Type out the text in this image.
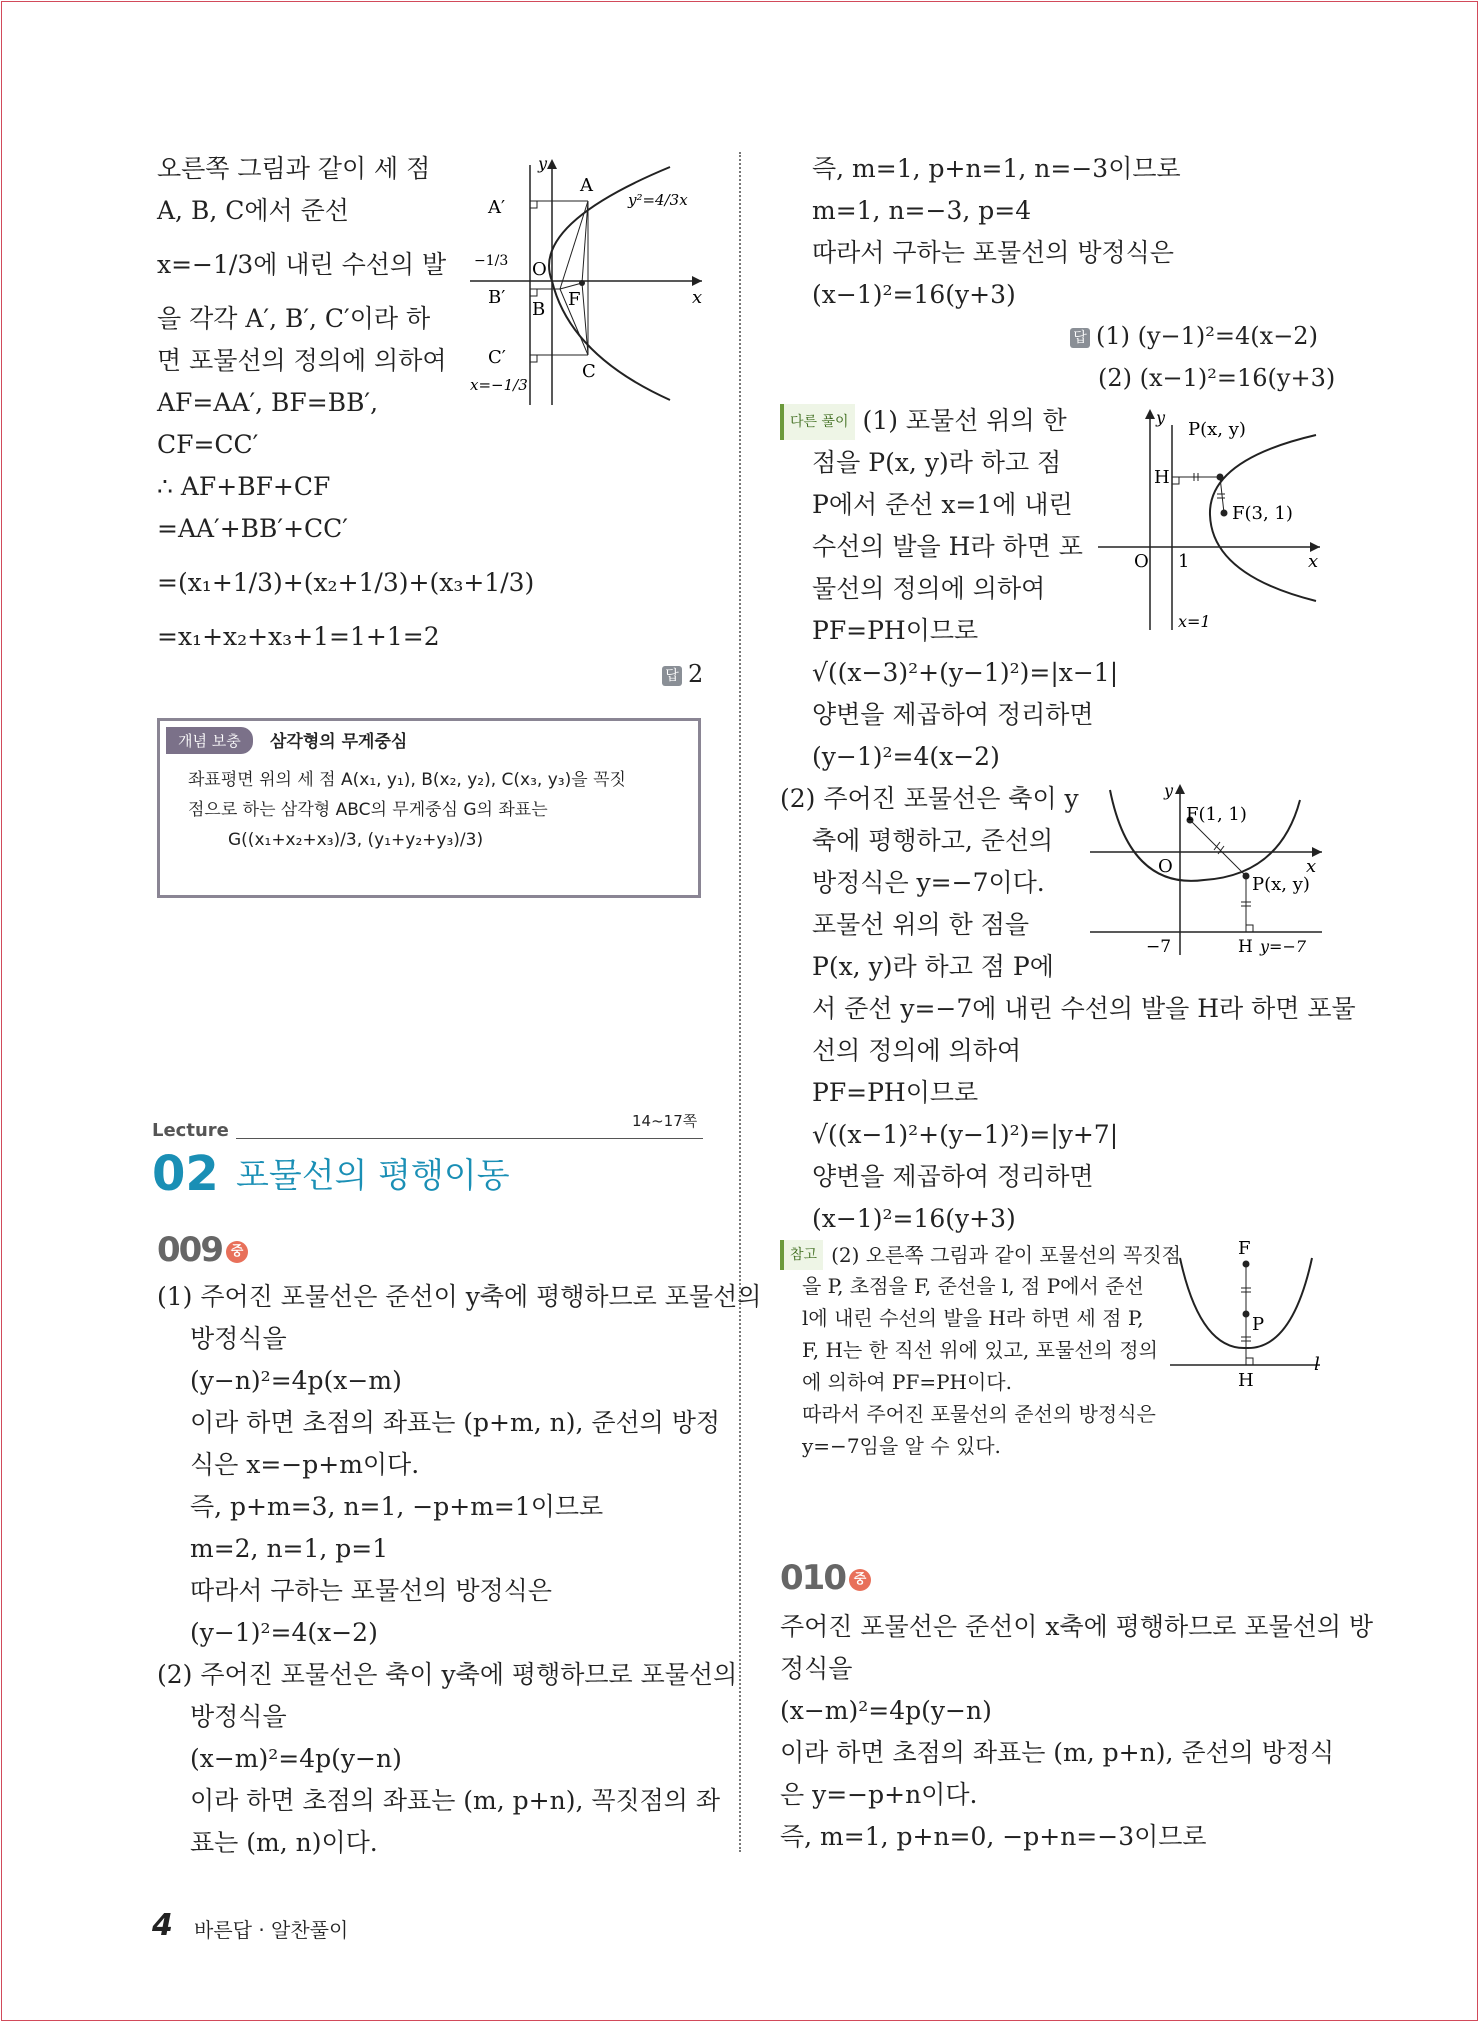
오른쪽 그림과 같이 세 점
A, B, C에서 준선
x=−1/3에 내린 수선의 발
을 각각 A′, B′, C′이라 하
면 포물선의 정의에 의하여
AF=AA′, BF=BB′,
CF=CC′
∴ AF+BF+CF
=AA′+BB′+CC′
=(x₁+1/3)+(x₂+1/3)+(x₃+1/3)
=x₁+x₂+x₃+1=1+1=2
답 2
y
x
O
A′
A
B′
B F
C′
C
y²=4/3x
x=−1/3
−1/3
개념 보충	삼각형의 무게중심
좌표평면 위의 세 점 A(x₁, y₁), B(x₂, y₂), C(x₃, y₃)을 꼭짓
점으로 하는 삼각형 ABC의 무게중심 G의 좌표는
G((x₁+x₂+x₃)/3, (y₁+y₂+y₃)/3)
Lecture	14~17쪽
02 포물선의 평행이동
009 중
(1) 주어진 포물선은 준선이 y축에 평행하므로 포물선의
방정식을
(y−n)²=4p(x−m)
이라 하면 초점의 좌표는 (p+m, n), 준선의 방정
식은 x=−p+m이다.
즉, p+m=3, n=1, −p+m=1이므로
m=2, n=1, p=1
따라서 구하는 포물선의 방정식은
(y−1)²=4(x−2)
(2) 주어진 포물선은 축이 y축에 평행하므로 포물선의
방정식을
(x−m)²=4p(y−n)
이라 하면 초점의 좌표는 (m, p+n), 꼭짓점의 좌
표는 (m, n)이다.
4 바른답 · 알찬풀이
즉, m=1, p+n=1, n=−3이므로
m=1, n=−3, p=4
따라서 구하는 포물선의 방정식은
(x−1)²=16(y+3)
답 (1) (y−1)²=4(x−2)
(2) (x−1)²=16(y+3)
다른 풀이 (1) 포물선 위의 한
점을 P(x, y)라 하고 점
P에서 준선 x=1에 내린
수선의 발을 H라 하면 포
물선의 정의에 의하여
PF=PH이므로
√((x−3)²+(y−1)²)=|x−1|
양변을 제곱하여 정리하면
(y−1)²=4(x−2)
y
x
O 1
P(x, y)
H
F(3, 1)
x=1
(2) 주어진 포물선은 축이 y
축에 평행하고, 준선의
방정식은 y=−7이다.
포물선 위의 한 점을
P(x, y)라 하고 점 P에
서 준선 y=−7에 내린 수선의 발을 H라 하면 포물
선의 정의에 의하여
PF=PH이므로
√((x−1)²+(y−1)²)=|y+7|
양변을 제곱하여 정리하면
(x−1)²=16(y+3)
y
x
O
F(1, 1)
P(x, y)
−7	H y=−7
참고 (2) 오른쪽 그림과 같이 포물선의 꼭짓점
을 P, 초점을 F, 준선을 l, 점 P에서 준선
l에 내린 수선의 발을 H라 하면 세 점 P,
F, H는 한 직선 위에 있고, 포물선의 정의
에 의하여 PF=PH이다.
따라서 주어진 포물선의 준선의 방정식은
y=−7임을 알 수 있다.
F
P
H
l
010 중
주어진 포물선은 준선이 x축에 평행하므로 포물선의 방
정식을
(x−m)²=4p(y−n)
이라 하면 초점의 좌표는 (m, p+n), 준선의 방정식
은 y=−p+n이다.
즉, m=1, p+n=0, −p+n=−3이므로
